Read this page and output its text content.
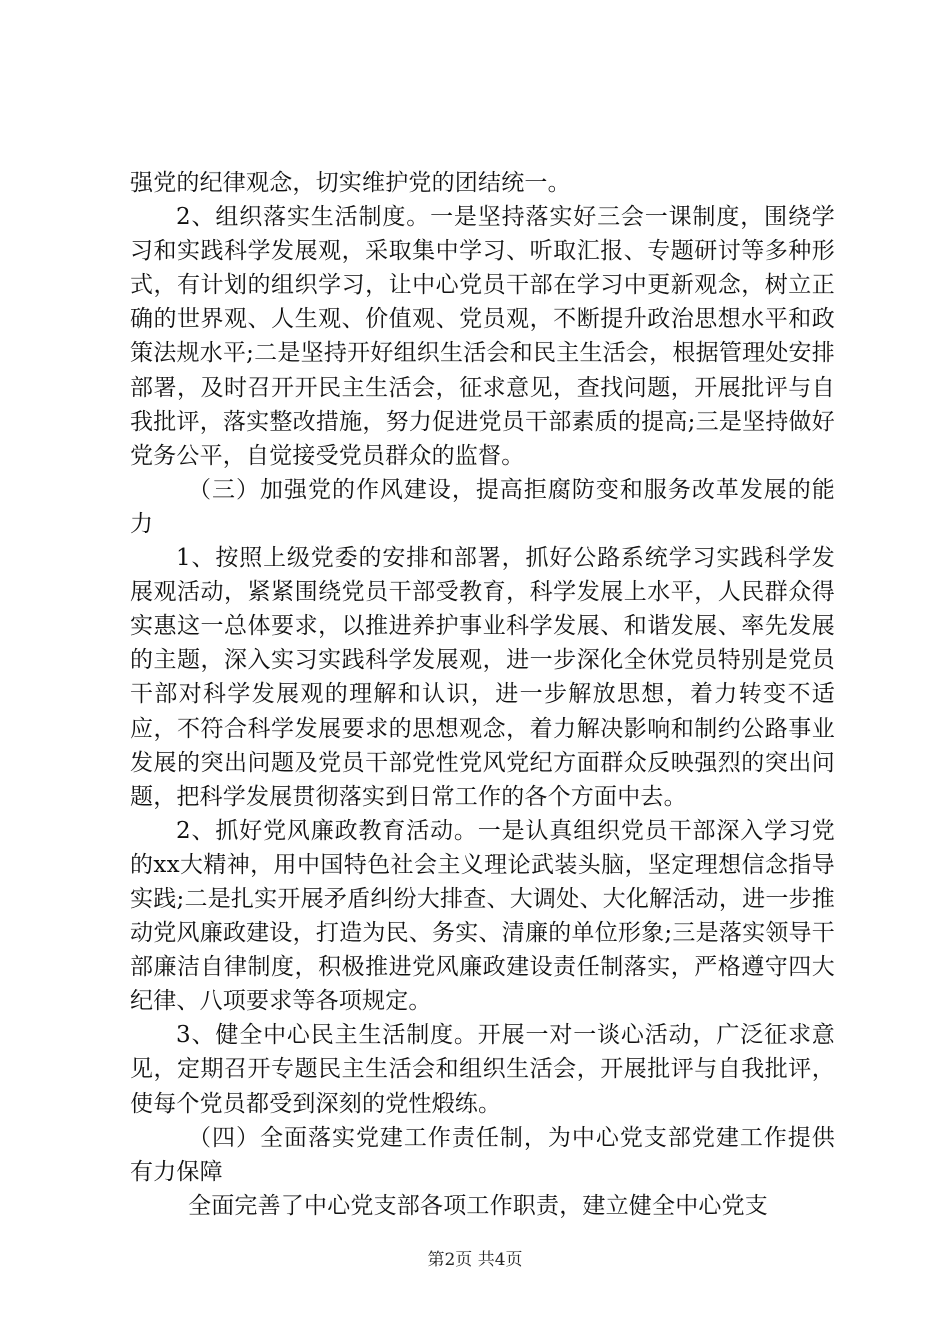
强党的纪律观念，切实维护党的团结统一。

2、组织落实生活制度。一是坚持落实好三会一课制度，围绕学习和实践科学发展观，采取集中学习、听取汇报、专题研讨等多种形式，有计划的组织学习，让中心党员干部在学习中更新观念，树立正确的世界观、人生观、价值观、党员观，不断提升政治思想水平和政策法规水平;二是坚持开好组织生活会和民主生活会，根据管理处安排部署，及时召开开民主生活会，征求意见，查找问题，开展批评与自我批评，落实整改措施，努力促进党员干部素质的提高;三是坚持做好党务公平，自觉接受党员群众的监督。

（三）加强党的作风建设，提高拒腐防变和服务改革发展的能力

1、按照上级党委的安排和部署，抓好公路系统学习实践科学发展观活动，紧紧围绕党员干部受教育，科学发展上水平，人民群众得实惠这一总体要求，以推进养护事业科学发展、和谐发展、率先发展的主题，深入实习实践科学发展观，进一步深化全休党员特别是党员干部对科学发展观的理解和认识，进一步解放思想，着力转变不适应，不符合科学发展要求的思想观念，着力解决影响和制约公路事业发展的突出问题及党员干部党性党风党纪方面群众反映强烈的突出问题，把科学发展贯彻落实到日常工作的各个方面中去。

2、抓好党风廉政教育活动。一是认真组织党员干部深入学习党的xx大精神，用中国特色社会主义理论武装头脑，坚定理想信念指导实践;二是扎实开展矛盾纠纷大排查、大调处、大化解活动，进一步推动党风廉政建设，打造为民、务实、清廉的单位形象;三是落实领导干部廉洁自律制度，积极推进党风廉政建设责任制落实，严格遵守四大纪律、八项要求等各项规定。

3、健全中心民主生活制度。开展一对一谈心活动，广泛征求意见，定期召开专题民主生活会和组织生活会，开展批评与自我批评，使每个党员都受到深刻的党性煅练。

（四）全面落实党建工作责任制，为中心党支部党建工作提供有力保障

全面完善了中心党支部各项工作职责，建立健全中心党支

第2页 共4页
